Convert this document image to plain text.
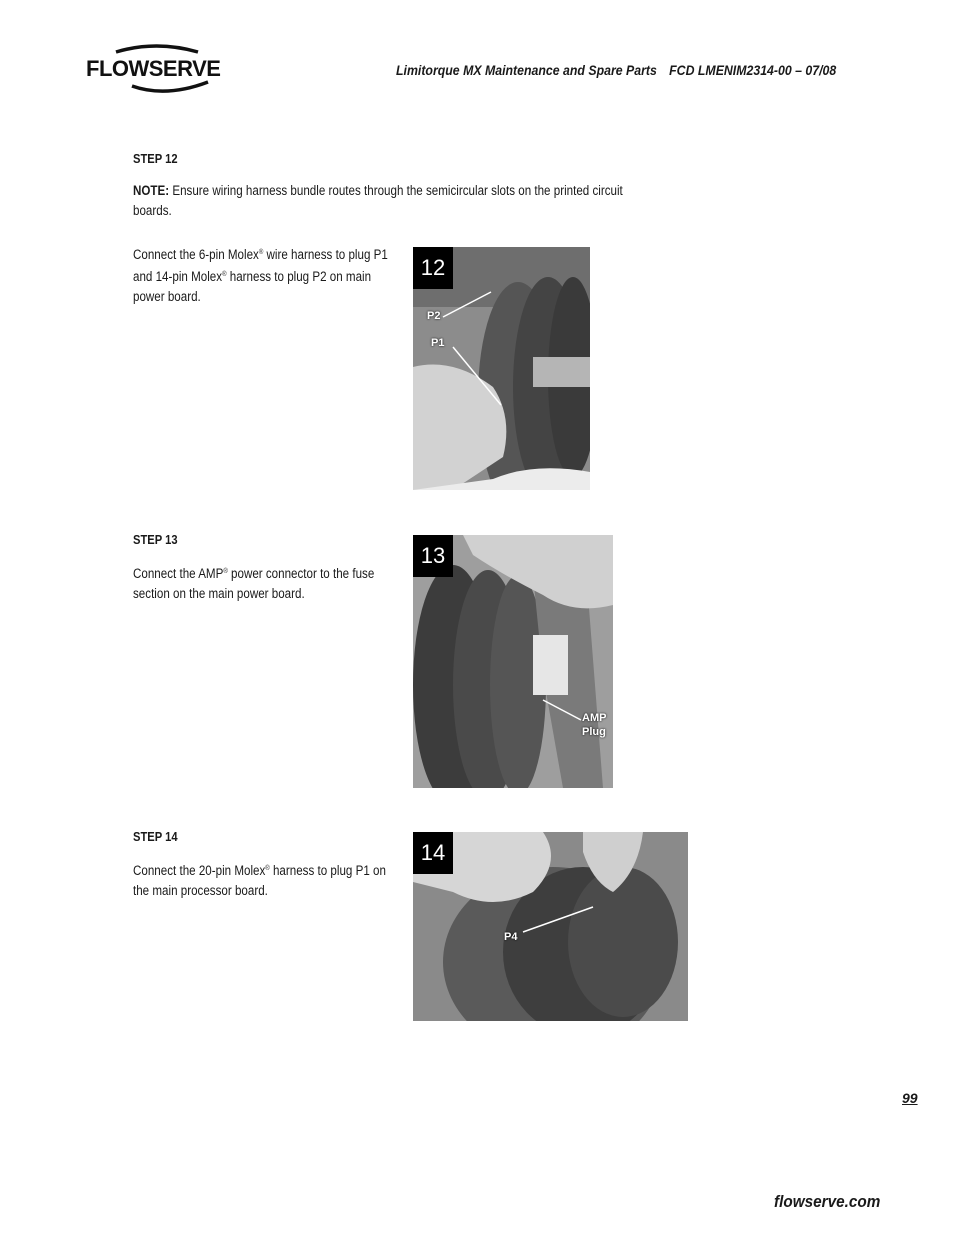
FLOWSERVE	Limitorque MX Maintenance and Spare Parts FCD LMENIM2314-00 – 07/08
STEP 12
NOTE: Ensure wiring harness bundle routes through the semicircular slots on the printed circuit boards.
Connect the 6-pin Molex® wire harness to plug P1 and 14-pin Molex® harness to plug P2 on main power board.
12
P2
P1
STEP 13
Connect the AMP® power connector to the fuse section on the main power board.
13
AMP
Plug
STEP 14
Connect the 20-pin Molex® harness to plug P1 on the main processor board.
14
P4
99
flowserve.com
